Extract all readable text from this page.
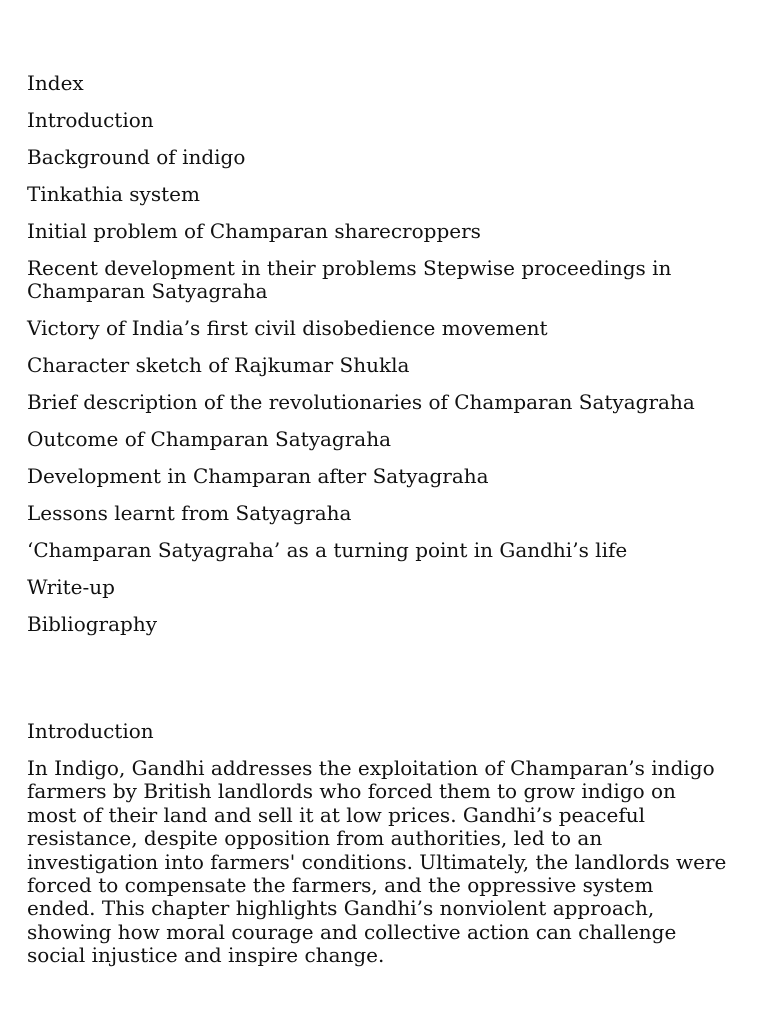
Index
Introduction
Background of indigo
Tinkathia system
Initial problem of Champaran sharecroppers
Recent development in their problems Stepwise proceedings in Champaran Satyagraha
Victory of India’s first civil disobedience movement
Character sketch of Rajkumar Shukla
Brief description of the revolutionaries of Champaran Satyagraha
Outcome of Champaran Satyagraha
Development in Champaran after Satyagraha
Lessons learnt from Satyagraha
‘Champaran Satyagraha’ as a turning point in Gandhi’s life
Write-up
Bibliography
Introduction

In Indigo, Gandhi addresses the exploitation of Champaran’s indigo farmers by British landlords who forced them to grow indigo on most of their land and sell it at low prices. Gandhi’s peaceful resistance, despite opposition from authorities, led to an investigation into farmers' conditions. Ultimately, the landlords were forced to compensate the farmers, and the oppressive system ended. This chapter highlights Gandhi’s nonviolent approach, showing how moral courage and collective action can challenge social injustice and inspire change.
